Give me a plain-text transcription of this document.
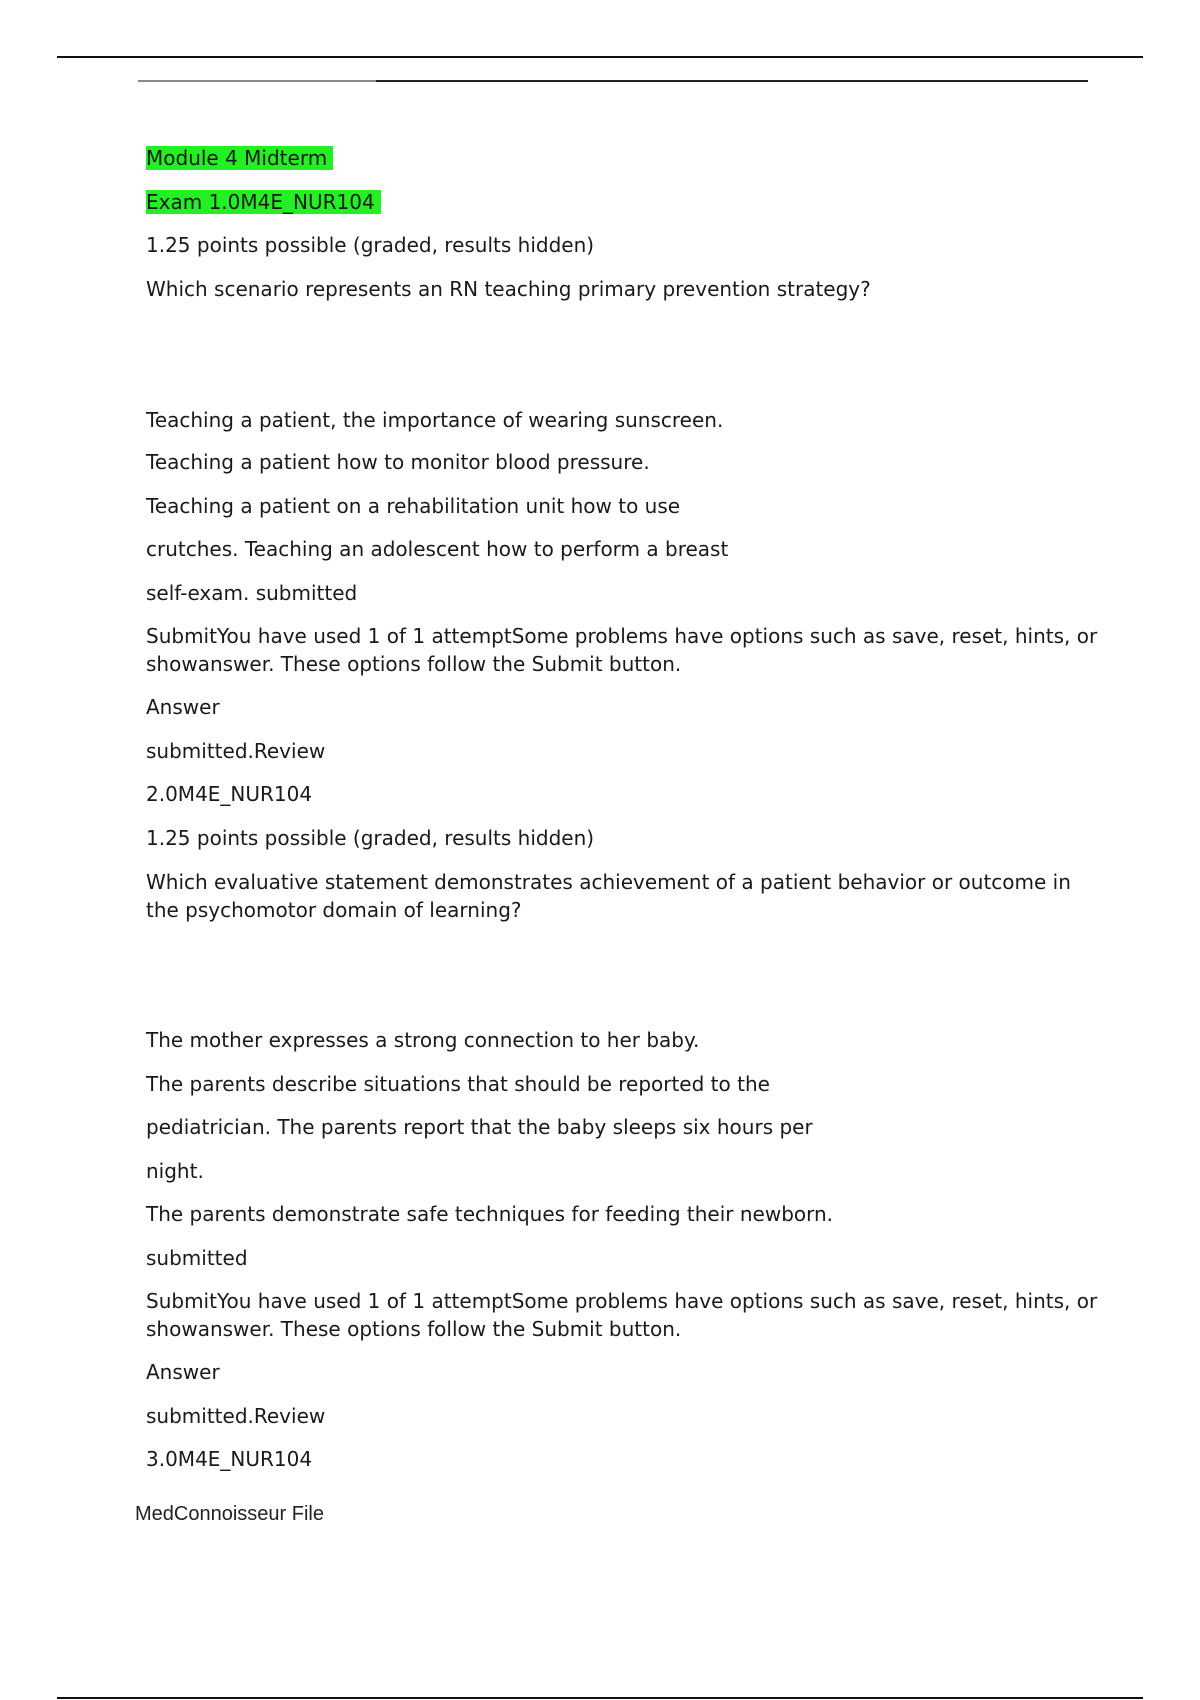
Module 4 Midterm
Exam 1.0M4E_NUR104
1.25 points possible (graded, results hidden)
Which scenario represents an RN teaching primary prevention strategy?
Teaching a patient, the importance of wearing sunscreen.
Teaching a patient how to monitor blood pressure.
Teaching a patient on a rehabilitation unit how to use
crutches. Teaching an adolescent how to perform a breast
self-exam. submitted
SubmitYou have used 1 of 1 attemptSome problems have options such as save, reset, hints, or showanswer. These options follow the Submit button.
Answer
submitted.Review
2.0M4E_NUR104
1.25 points possible (graded, results hidden)
Which evaluative statement demonstrates achievement of a patient behavior or outcome in the psychomotor domain of learning?
The mother expresses a strong connection to her baby.
The parents describe situations that should be reported to the
pediatrician. The parents report that the baby sleeps six hours per
night.
The parents demonstrate safe techniques for feeding their newborn.
submitted
SubmitYou have used 1 of 1 attemptSome problems have options such as save, reset, hints, or showanswer. These options follow the Submit button.
Answer
submitted.Review
3.0M4E_NUR104
MedConnoisseur File
